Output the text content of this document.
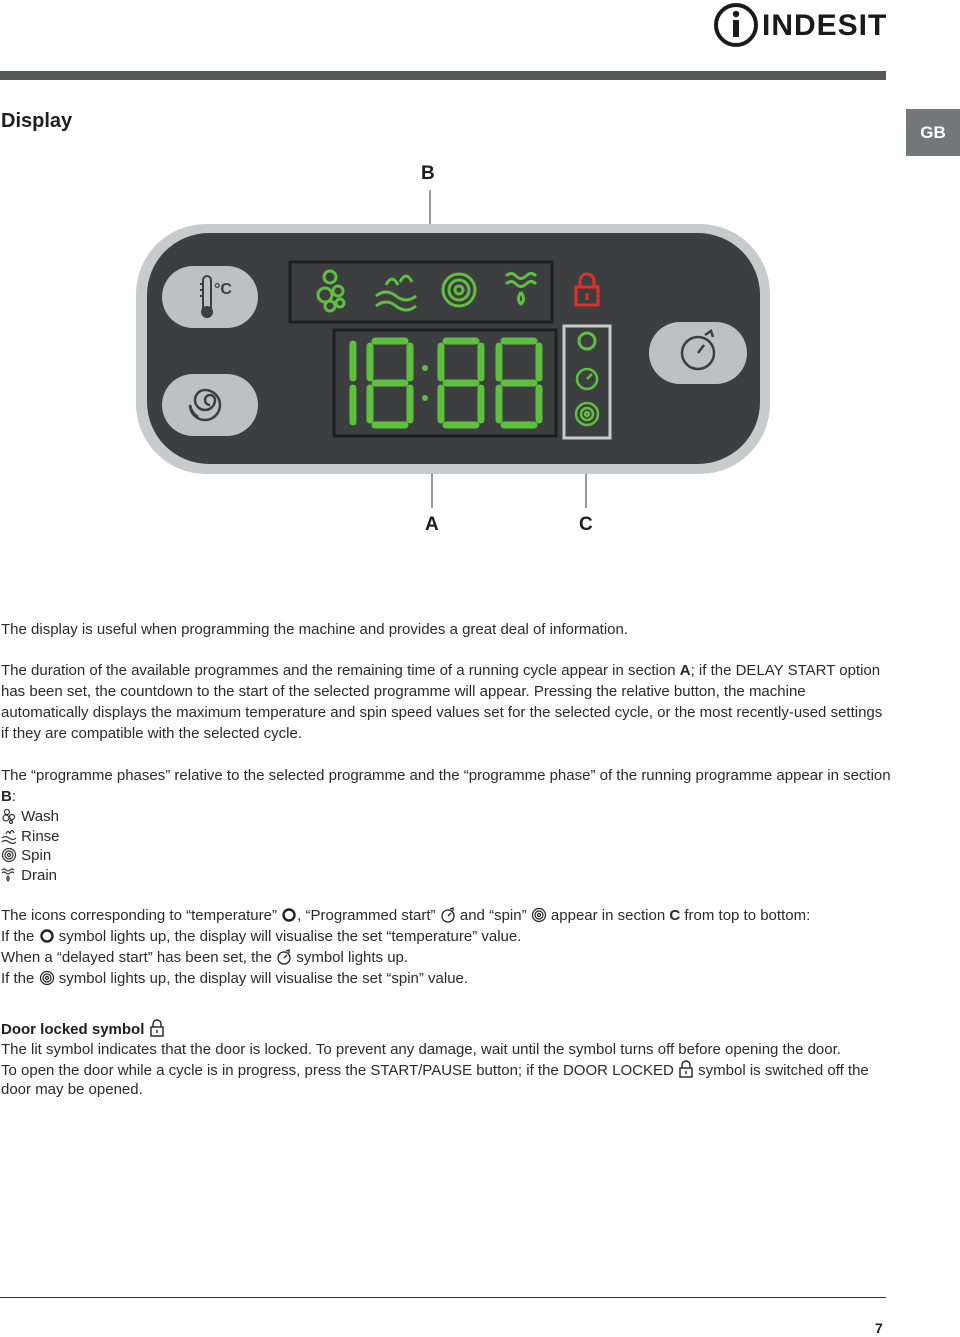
INDESIT
Display	GB
°C
B
A	C

The display is useful when programming the machine and provides a great deal of information.

The duration of the available programmes and the remaining time of a running cycle appear in section A; if the DELAY START option has been set, the countdown to the start of the selected programme will appear. Pressing the relative button, the machine automatically displays the maximum temperature and spin speed values set for the selected cycle, or the most recently-used settings if they are compatible with the selected cycle.

The “programme phases” relative to the selected programme and the “programme phase” of the running programme appear in section B:

Wash

Rinse

Spin

Drain

The icons corresponding to “temperature” , “Programmed start” and “spin” appear in section C from top to bottom:

If the symbol lights up, the display will visualise the set “temperature” value.

When a “delayed start” has been set, the symbol lights up.

If the symbol lights up, the display will visualise the set “spin” value.

Door locked symbol

The lit symbol indicates that the door is locked. To prevent any damage, wait until the symbol turns off before opening the door.

To open the door while a cycle is in progress, press the START/PAUSE button; if the DOOR LOCKED symbol is switched off the door may be opened.

7
